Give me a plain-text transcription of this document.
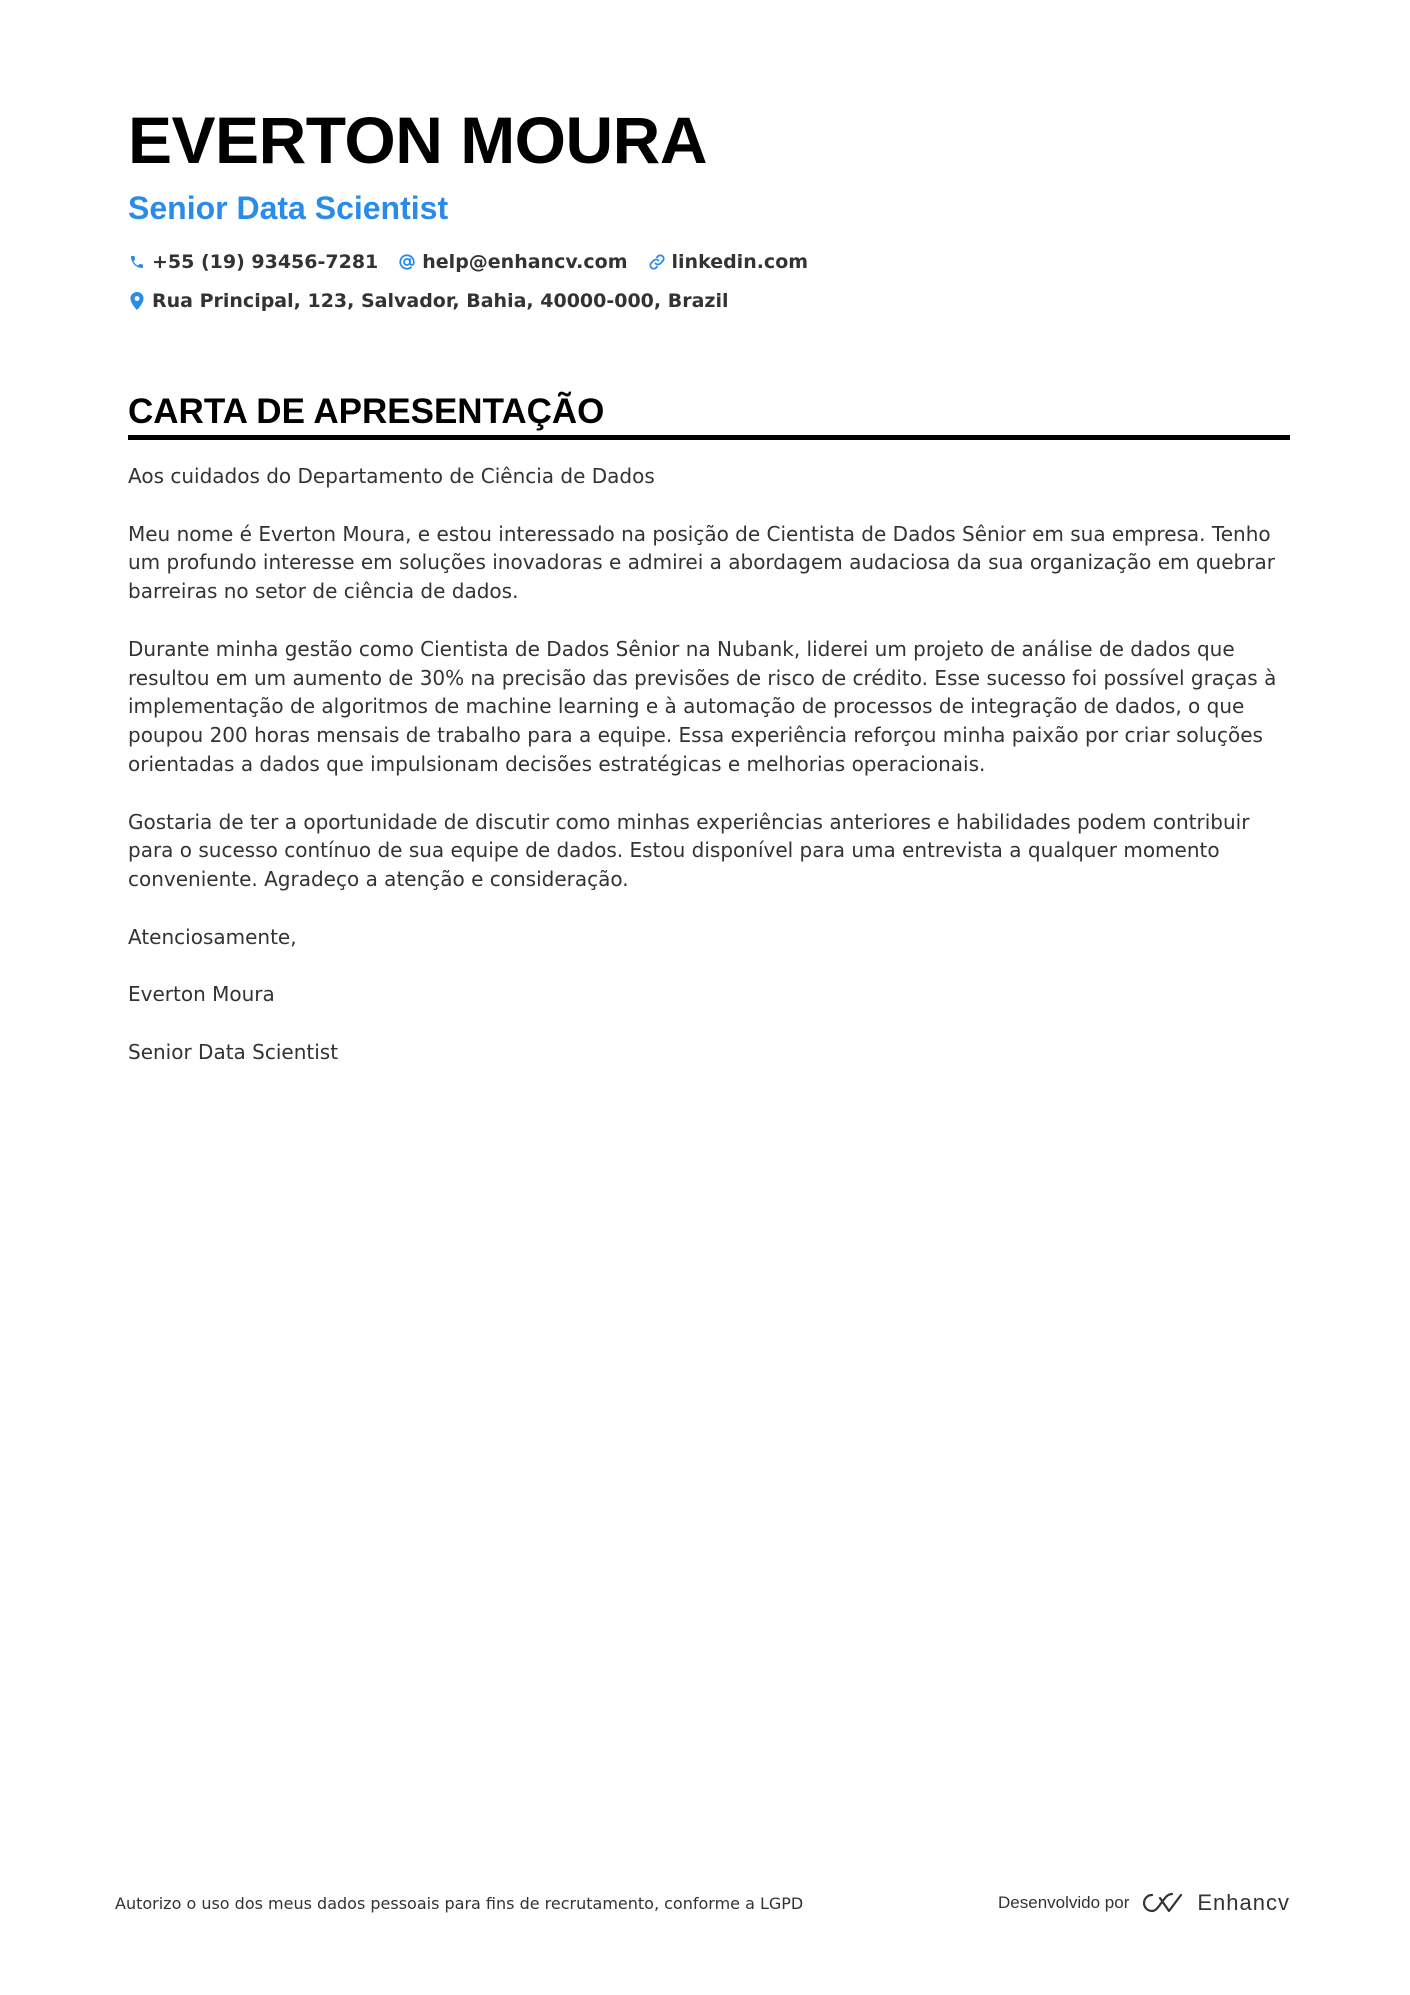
EVERTON MOURA
Senior Data Scientist
+55 (19) 93456-7281 help@enhancv.com linkedin.com
Rua Principal, 123, Salvador, Bahia, 40000-000, Brazil
CARTA DE APRESENTAÇÃO

Aos cuidados do Departamento de Ciência de Dados

Meu nome é Everton Moura, e estou interessado na posição de Cientista de Dados Sênior em sua empresa. Tenho um profundo interesse em soluções inovadoras e admirei a abordagem audaciosa da sua organização em quebrar barreiras no setor de ciência de dados.

Durante minha gestão como Cientista de Dados Sênior na Nubank, liderei um projeto de análise de dados que resultou em um aumento de 30% na precisão das previsões de risco de crédito. Esse sucesso foi possível graças à implementação de algoritmos de machine learning e à automação de processos de integração de dados, o que poupou 200 horas mensais de trabalho para a equipe. Essa experiência reforçou minha paixão por criar soluções orientadas a dados que impulsionam decisões estratégicas e melhorias operacionais.

Gostaria de ter a oportunidade de discutir como minhas experiências anteriores e habilidades podem contribuir para o sucesso contínuo de sua equipe de dados. Estou disponível para uma entrevista a qualquer momento conveniente. Agradeço a atenção e consideração.

Atenciosamente,

Everton Moura

Senior Data Scientist

Autorizo o uso dos meus dados pessoais para fins de recrutamento, conforme a LGPD	Desenvolvido por	Enhancv
